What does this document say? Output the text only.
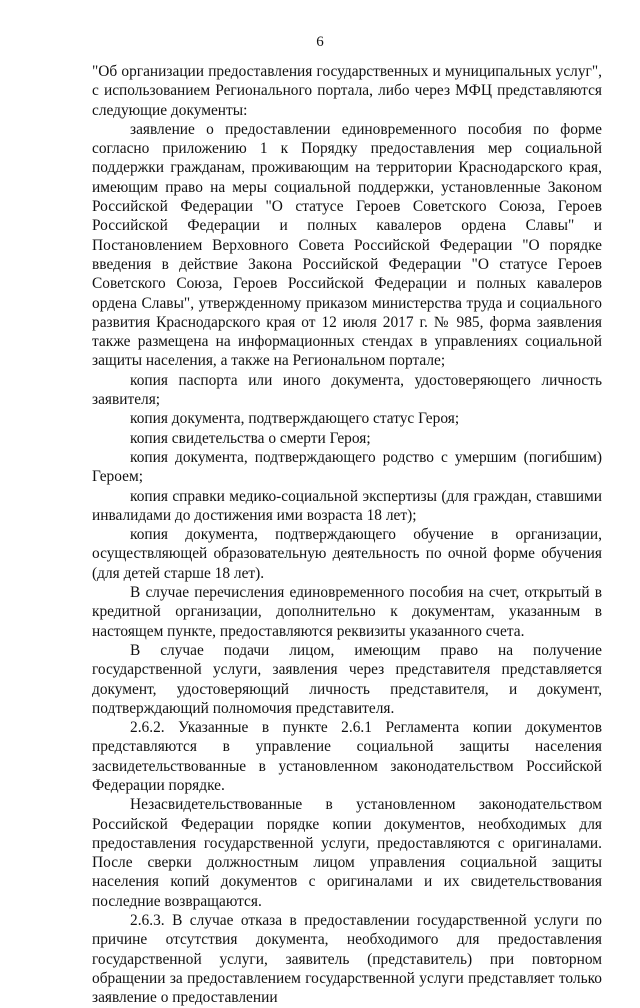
6

"Об организации предоставления государственных и муниципальных услуг", с использованием Регионального портала, либо через МФЦ представляются следующие документы:

заявление о предоставлении единовременного пособия по форме согласно приложению 1 к Порядку предоставления мер социальной поддержки гражданам, проживающим на территории Краснодарского края, имеющим право на меры социальной поддержки, установленные Законом Российской Федерации "О статусе Героев Советского Союза, Героев Российской Федерации и полных кавалеров ордена Славы" и Постановлением Верховного Совета Российской Федерации "О порядке введения в действие Закона Российской Федерации "О статусе Героев Советского Союза, Героев Российской Федерации и полных кавалеров ордена Славы", утвержденному приказом министерства труда и социального развития Краснодарского края от 12 июля 2017 г. № 985, форма заявления также размещена на информационных стендах в управлениях социальной защиты населения, а также на Региональном портале;

копия паспорта или иного документа, удостоверяющего личность заявителя;

копия документа, подтверждающего статус Героя;

копия свидетельства о смерти Героя;

копия документа, подтверждающего родство с умершим (погибшим) Героем;

копия справки медико-социальной экспертизы (для граждан, ставшими инвалидами до достижения ими возраста 18 лет);

копия документа, подтверждающего обучение в организации, осуществляющей образовательную деятельность по очной форме обучения (для детей старше 18 лет).

В случае перечисления единовременного пособия на счет, открытый в кредитной организации, дополнительно к документам, указанным в настоящем пункте, предоставляются реквизиты указанного счета.

В случае подачи лицом, имеющим право на получение государственной услуги, заявления через представителя представляется документ, удостоверяющий личность представителя, и документ, подтверждающий полномочия представителя.

2.6.2. Указанные в пункте 2.6.1 Регламента копии документов представляются в управление социальной защиты населения засвидетельствованные в установленном законодательством Российской Федерации порядке.

Незасвидетельствованные в установленном законодательством Российской Федерации порядке копии документов, необходимых для предоставления государственной услуги, предоставляются с оригиналами. После сверки должностным лицом управления социальной защиты населения копий документов с оригиналами и их свидетельствования последние возвращаются.

2.6.3. В случае отказа в предоставлении государственной услуги по причине отсутствия документа, необходимого для предоставления государственной услуги, заявитель (представитель) при повторном обращении за предоставлением государственной услуги представляет только заявление о предоставлении
